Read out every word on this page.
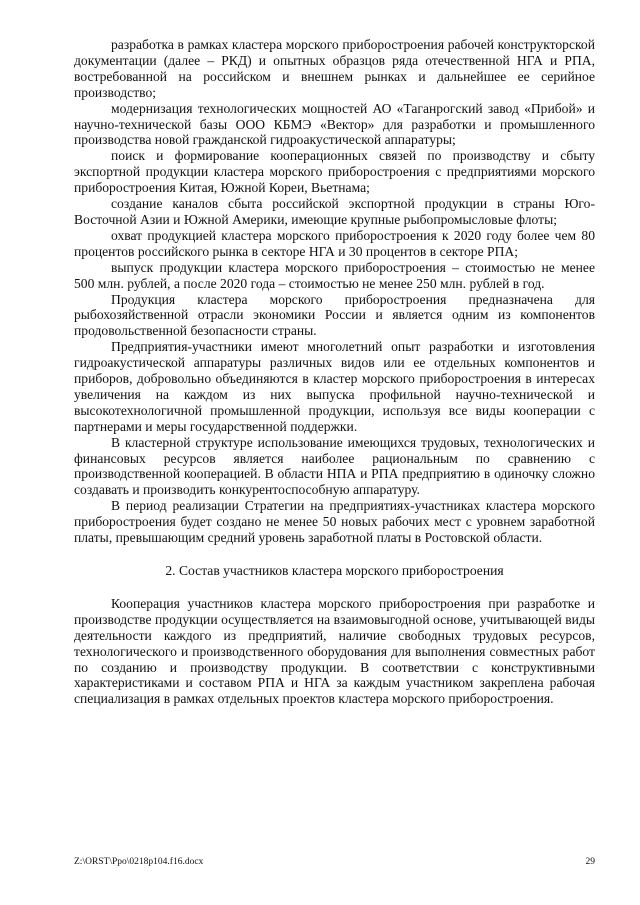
разработка в рамках кластера морского приборостроения рабочей конструкторской документации (далее – РКД) и опытных образцов ряда отечественной НГА и РПА, востребованной на российском и внешнем рынках и дальнейшее ее серийное производство;

модернизация технологических мощностей АО «Таганрогский завод «Прибой» и научно-технической базы ООО КБМЭ «Вектор» для разработки и промышленного производства новой гражданской гидроакустической аппаратуры;

поиск и формирование кооперационных связей по производству и сбыту экспортной продукции кластера морского приборостроения с предприятиями морского приборостроения Китая, Южной Кореи, Вьетнама;

создание каналов сбыта российской экспортной продукции в страны Юго-Восточной Азии и Южной Америки, имеющие крупные рыбопромысловые флоты;

охват продукцией кластера морского приборостроения к 2020 году более чем 80 процентов российского рынка в секторе НГА и 30 процентов в секторе РПА;

выпуск продукции кластера морского приборостроения – стоимостью не менее 500 млн. рублей, а после 2020 года – стоимостью не менее 250 млн. рублей в год.

Продукция кластера морского приборостроения предназначена для рыбохозяйственной отрасли экономики России и является одним из компонентов продовольственной безопасности страны.

Предприятия-участники имеют многолетний опыт разработки и изготовления гидроакустической аппаратуры различных видов или ее отдельных компонентов и приборов, добровольно объединяются в кластер морского приборостроения в интересах увеличения на каждом из них выпуска профильной научно-технической и высокотехнологичной промышленной продукции, используя все виды кооперации с партнерами и меры государственной поддержки.

В кластерной структуре использование имеющихся трудовых, технологических и финансовых ресурсов является наиболее рациональным по сравнению с производственной кооперацией. В области НПА и РПА предприятию в одиночку сложно создавать и производить конкурентоспособную аппаратуру.

В период реализации Стратегии на предприятиях-участниках кластера морского приборостроения будет создано не менее 50 новых рабочих мест с уровнем заработной платы, превышающим средний уровень заработной платы в Ростовской области.

2. Состав участников кластера морского приборостроения

Кооперация участников кластера морского приборостроения при разработке и производстве продукции осуществляется на взаимовыгодной основе, учитывающей виды деятельности каждого из предприятий, наличие свободных трудовых ресурсов, технологического и производственного оборудования для выполнения совместных работ по созданию и производству продукции. В соответствии с конструктивными характеристиками и составом РПА и НГА за каждым участником закреплена рабочая специализация в рамках отдельных проектов кластера морского приборостроения.

Z:\ORST\Ppo\0218p104.f16.docx	29
